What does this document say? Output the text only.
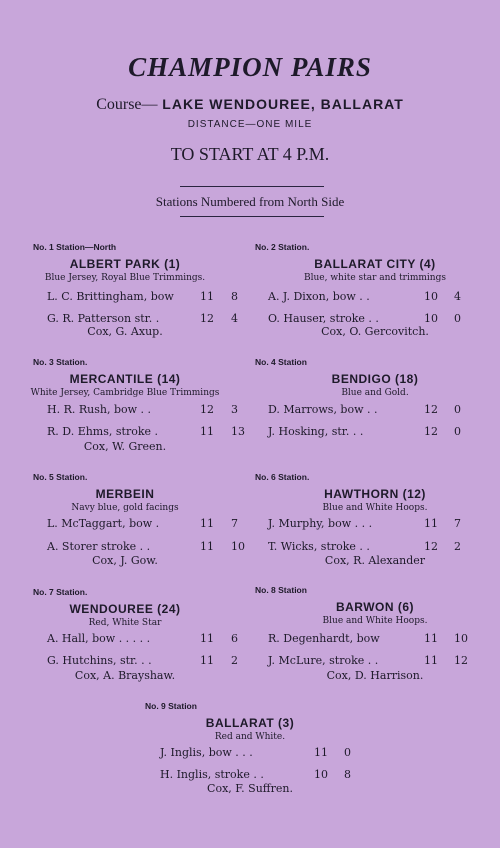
CHAMPION PAIRS
Course— LAKE WENDOUREE, BALLARAT
DISTANCE—ONE MILE
TO START AT 4 P.M.
Stations Numbered from North Side
No. 1 Station—North
ALBERT PARK (1)
Blue Jersey, Royal Blue Trimmings.
No. 2 Station.
BALLARAT CITY (4)
Blue, white star and trimmings
No. 3 Station.
MERCANTILE (14)
White Jersey, Cambridge Blue Trimmings
No. 4 Station
BENDIGO (18)
Blue and Gold.
No. 5 Station.
MERBEIN
Navy blue, gold facings
No. 6 Station.
HAWTHORN (12)
Blue and White Hoops.
No. 7 Station.
WENDOUREE (24)
Red, White Star
No. 8 Station
BARWON (6)
Blue and White Hoops.
No. 9 Station
BALLARAT (3)
Red and White.
L. C. Brittingham, bow 11 8
G. R. Patterson str. .	12 4
Cox, G. Axup.
A. J. Dixon, bow . .	10 4
O. Hauser, stroke . .	10 0
Cox, O. Gercovitch.
H. R. Rush, bow . .	12 3
R. D. Ehms, stroke .	11 13
Cox, W. Green.
D. Marrows, bow . .	12 0
J. Hosking, str. . .	12 0
L. McTaggart, bow .	11 7
A. Storer stroke . .	11 10
Cox, J. Gow.
J. Murphy, bow . . .	11 7
T. Wicks, stroke . .	12 2
Cox, R. Alexander
A. Hall, bow . . . . .	11 6
G. Hutchins, str. . .	11 2
Cox, A. Brayshaw.
R. Degenhardt, bow	11 10
J. McLure, stroke . .	11 12
Cox, D. Harrison.
J. Inglis, bow . . .	11 0
H. Inglis, stroke . .	10 8
Cox, F. Suffren.
